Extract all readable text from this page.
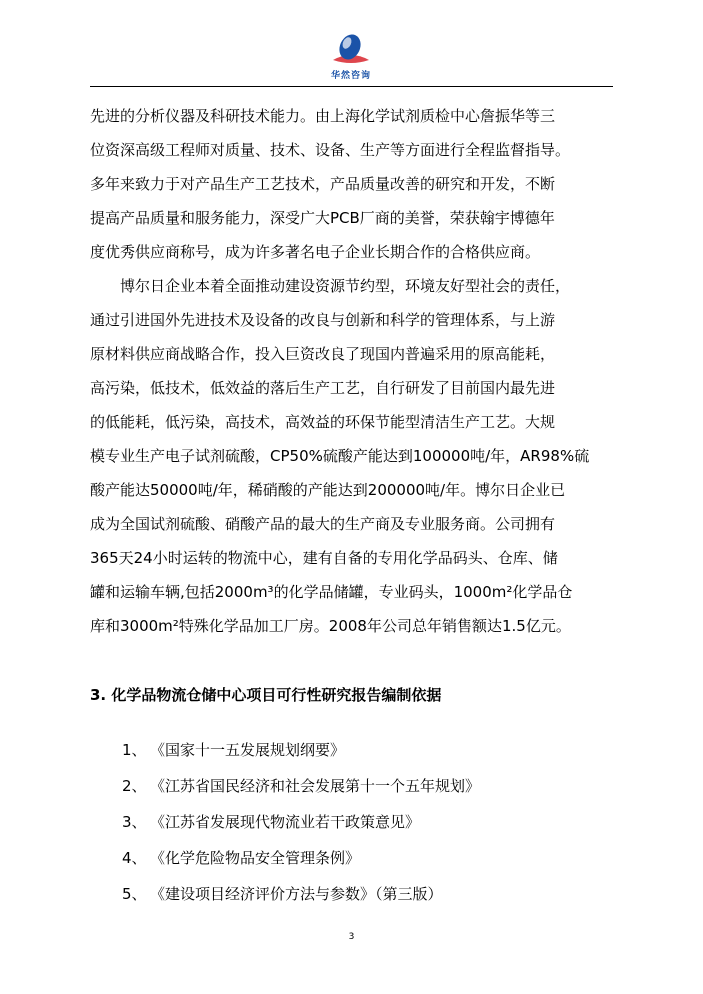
华然咨询

先进的分析仪器及科研技术能力。由上海化学试剂质检中心詹振华等三
位资深高级工程师对质量、技术、设备、生产等方面进行全程监督指导。
多年来致力于对产品生产工艺技术，产品质量改善的研究和开发，不断
提高产品质量和服务能力，深受广大PCB厂商的美誉，荣获翰宇博德年
度优秀供应商称号，成为许多著名电子企业长期合作的合格供应商。

博尔日企业本着全面推动建设资源节约型，环境友好型社会的责任，
通过引进国外先进技术及设备的改良与创新和科学的管理体系，与上游
原材料供应商战略合作，投入巨资改良了现国内普遍采用的原高能耗，
高污染，低技术，低效益的落后生产工艺，自行研发了目前国内最先进
的低能耗，低污染，高技术，高效益的环保节能型清洁生产工艺。大规
模专业生产电子试剂硫酸，CP50%硫酸产能达到100000吨/年，AR98%硫
酸产能达50000吨/年，稀硝酸的产能达到200000吨/年。博尔日企业已
成为全国试剂硫酸、硝酸产品的最大的生产商及专业服务商。公司拥有
365天24小时运转的物流中心，建有自备的专用化学品码头、仓库、储
罐和运输车辆,包括2000m³的化学品储罐，专业码头，1000m²化学品仓
库和3000m²特殊化学品加工厂房。2008年公司总年销售额达1.5亿元。

3. 化学品物流仓储中心项目可行性研究报告编制依据
1、 《国家十一五发展规划纲要》
2、 《江苏省国民经济和社会发展第十一个五年规划》
3、 《江苏省发展现代物流业若干政策意见》
4、 《化学危险物品安全管理条例》
5、 《建设项目经济评价方法与参数》（第三版）
3
